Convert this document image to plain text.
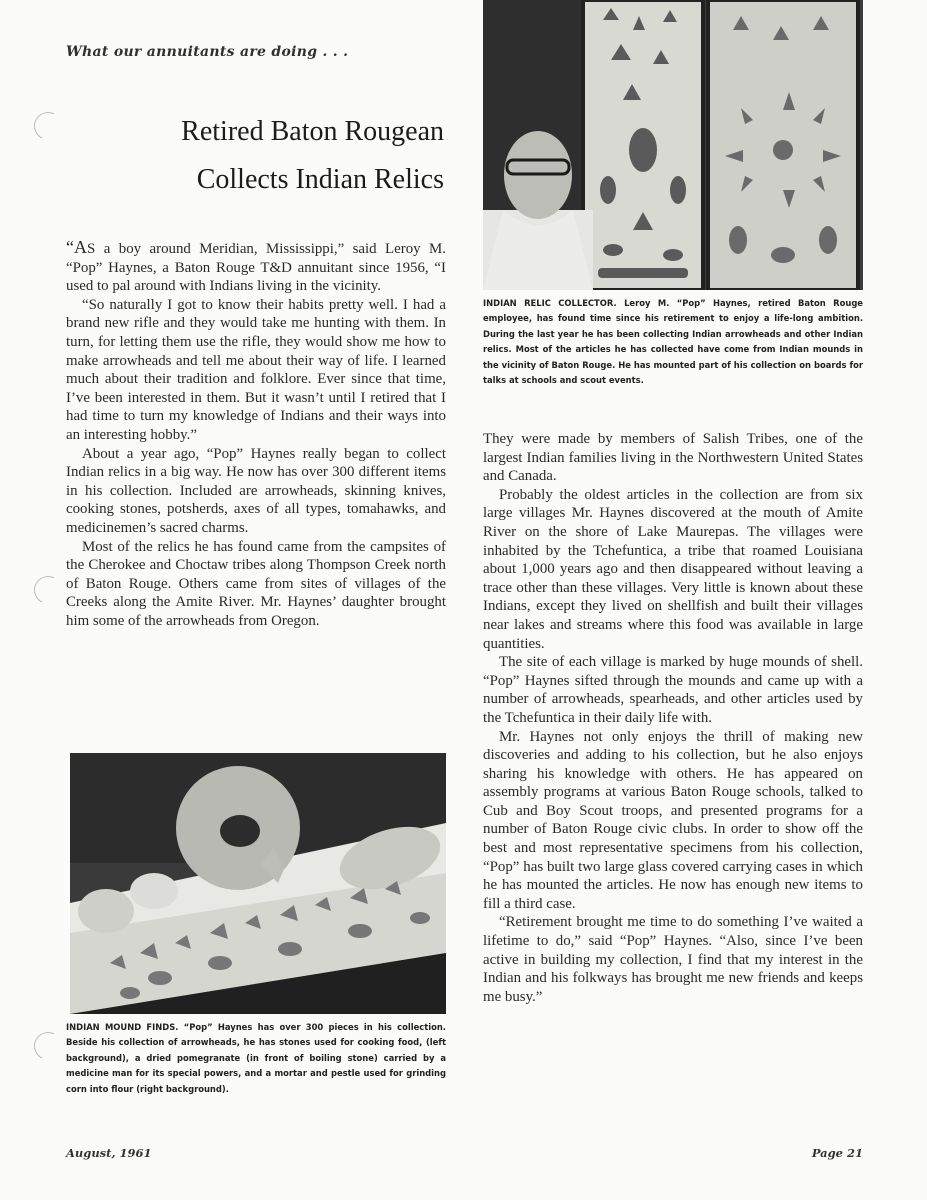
What our annuitants are doing . . .
Retired Baton Rougean
Collects Indian Relics
INDIAN RELIC COLLECTOR. Leroy M. “Pop” Haynes, retired Baton Rouge employee, has found time since his retirement to enjoy a life-long ambition. During the last year he has been collecting Indian arrowheads and other Indian relics. Most of the articles he has collected have come from Indian mounds in the vicinity of Baton Rouge. He has mounted part of his collection on boards for talks at schools and scout events.

“AS a boy around Meridian, Mississippi,” said Leroy M. “Pop” Haynes, a Baton Rouge T&D annuitant since 1956, “I used to pal around with Indians living in the vicinity.

“So naturally I got to know their habits pretty well. I had a brand new rifle and they would take me hunting with them. In turn, for letting them use the rifle, they would show me how to make arrowheads and tell me about their way of life. I learned much about their tradition and folklore. Ever since that time, I’ve been interested in them. But it wasn’t until I retired that I had time to turn my knowledge of Indians and their ways into an interesting hobby.”

About a year ago, “Pop” Haynes really began to collect Indian relics in a big way. He now has over 300 different items in his collection. Included are arrowheads, skinning knives, cooking stones, potsherds, axes of all types, tomahawks, and medicinemen’s sacred charms.

Most of the relics he has found came from the campsites of the Cherokee and Choctaw tribes along Thompson Creek north of Baton Rouge. Others came from sites of villages of the Creeks along the Amite River. Mr. Haynes’ daughter brought him some of the arrowheads from Oregon.

INDIAN MOUND FINDS. “Pop” Haynes has over 300 pieces in his collection. Beside his collection of arrowheads, he has stones used for cooking food, (left background), a dried pomegranate (in front of boiling stone) carried by a medicine man for its special powers, and a mortar and pestle used for grinding corn into flour (right background).

They were made by members of Salish Tribes, one of the largest Indian families living in the Northwestern United States and Canada.

Probably the oldest articles in the collection are from six large villages Mr. Haynes discovered at the mouth of Amite River on the shore of Lake Maurepas. The villages were inhabited by the Tchefuntica, a tribe that roamed Louisiana about 1,000 years ago and then disappeared without leaving a trace other than these villages. Very little is known about these Indians, except they lived on shellfish and built their villages near lakes and streams where this food was available in large quantities.

The site of each village is marked by huge mounds of shell. “Pop” Haynes sifted through the mounds and came up with a number of arrowheads, spearheads, and other articles used by the Tchefuntica in their daily life with.

Mr. Haynes not only enjoys the thrill of making new discoveries and adding to his collection, but he also enjoys sharing his knowledge with others. He has appeared on assembly programs at various Baton Rouge schools, talked to Cub and Boy Scout troops, and presented programs for a number of Baton Rouge civic clubs. In order to show off the best and most representative specimens from his collection, “Pop” has built two large glass covered carrying cases in which he has mounted the articles. He now has enough new items to fill a third case.

“Retirement brought me time to do something I’ve waited a lifetime to do,” said “Pop” Haynes. “Also, since I’ve been active in building my collection, I find that my interest in the Indian and his folkways has brought me new friends and keeps me busy.”

August, 1961	Page 21
